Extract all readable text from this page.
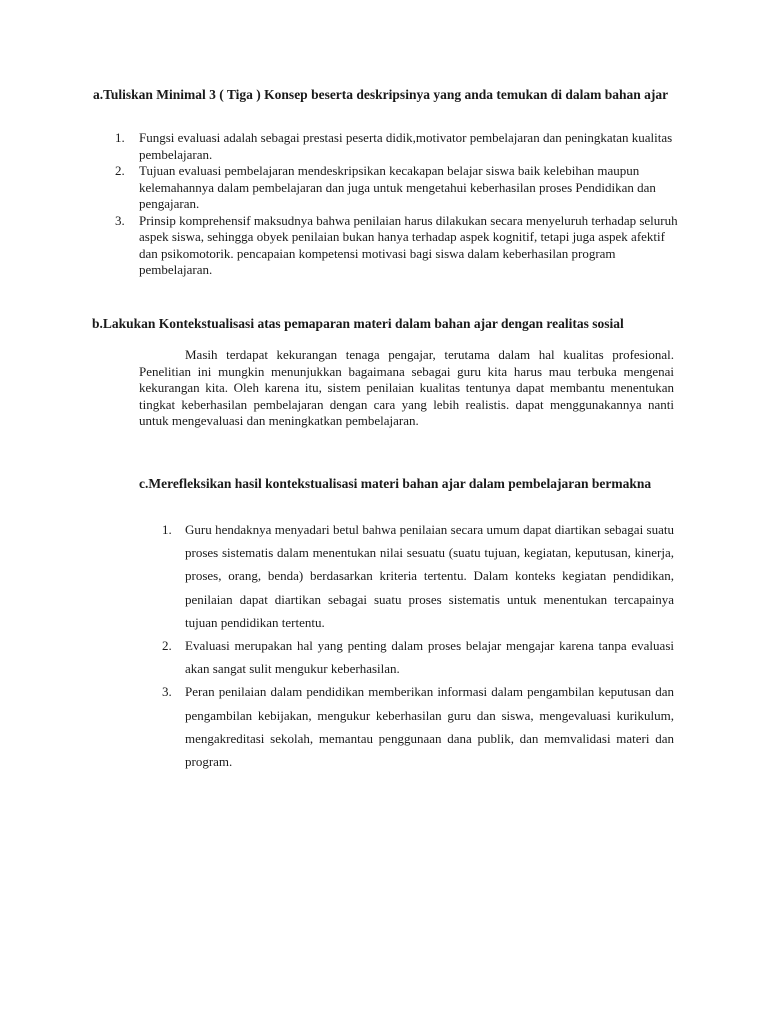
a.Tuliskan Minimal 3 ( Tiga ) Konsep beserta deskripsinya yang anda temukan di dalam bahan ajar

1. Fungsi evaluasi adalah sebagai prestasi peserta didik,motivator pembelajaran dan peningkatan kualitas pembelajaran.
2. Tujuan evaluasi pembelajaran mendeskripsikan kecakapan belajar siswa baik kelebihan maupun kelemahannya dalam pembelajaran dan juga untuk mengetahui keberhasilan proses Pendidikan dan pengajaran.
3. Prinsip komprehensif maksudnya bahwa penilaian harus dilakukan secara menyeluruh terhadap seluruh aspek siswa, sehingga obyek penilaian bukan hanya terhadap aspek kognitif, tetapi juga aspek afektif dan psikomotorik. pencapaian kompetensi motivasi bagi siswa dalam keberhasilan program pembelajaran.

b.Lakukan Kontekstualisasi atas pemaparan materi dalam bahan ajar dengan realitas sosial

Masih terdapat kekurangan tenaga pengajar, terutama dalam hal kualitas profesional. Penelitian ini mungkin menunjukkan bagaimana sebagai guru kita harus mau terbuka mengenai kekurangan kita. Oleh karena itu, sistem penilaian kualitas tentunya dapat membantu menentukan tingkat keberhasilan pembelajaran dengan cara yang lebih realistis. dapat menggunakannya nanti untuk mengevaluasi dan meningkatkan pembelajaran.

c.Merefleksikan hasil kontekstualisasi materi bahan ajar dalam pembelajaran bermakna

1. Guru hendaknya menyadari betul bahwa penilaian secara umum dapat diartikan sebagai suatu proses sistematis dalam menentukan nilai sesuatu (suatu tujuan, kegiatan, keputusan, kinerja, proses, orang, benda) berdasarkan kriteria tertentu. Dalam konteks kegiatan pendidikan, penilaian dapat diartikan sebagai suatu proses sistematis untuk menentukan tercapainya tujuan pendidikan tertentu.
2. Evaluasi merupakan hal yang penting dalam proses belajar mengajar karena tanpa evaluasi akan sangat sulit mengukur keberhasilan.
3. Peran penilaian dalam pendidikan memberikan informasi dalam pengambilan keputusan dan pengambilan kebijakan, mengukur keberhasilan guru dan siswa, mengevaluasi kurikulum, mengakreditasi sekolah, memantau penggunaan dana publik, dan memvalidasi materi dan program.
